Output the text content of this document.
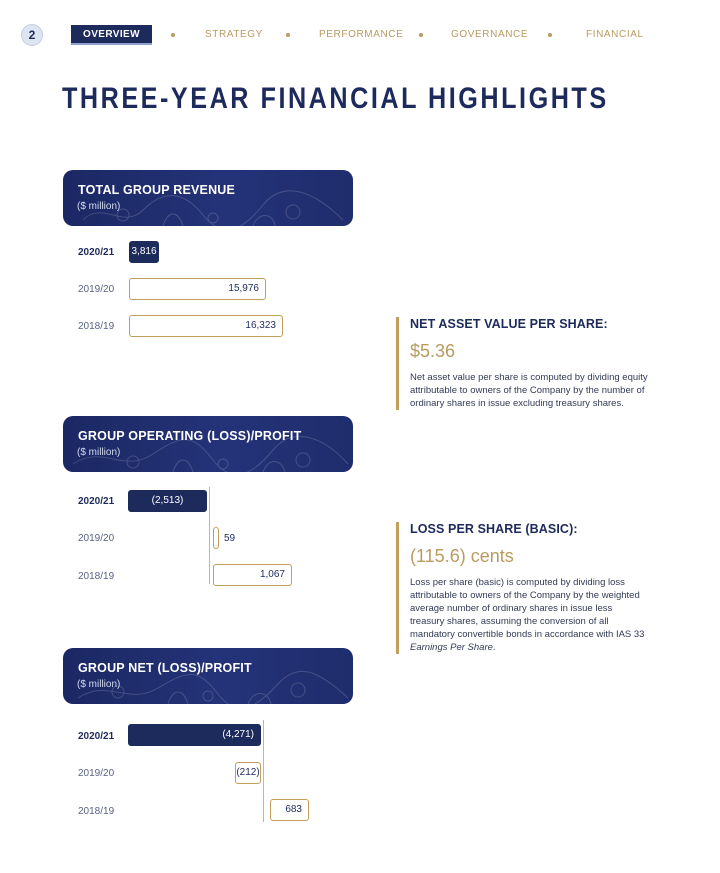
2	OVERVIEW	STRATEGY	PERFORMANCE	GOVERNANCE	FINANCIAL
THREE-YEAR FINANCIAL HIGHLIGHTS
TOTAL GROUP REVENUE
($ million)
2020/21 3,816
2019/20	15,976
2018/19	16,323
GROUP OPERATING (LOSS)/PROFIT
($ million)
2020/21	(2,513)
2019/20	59
2018/19	1,067
GROUP NET (LOSS)/PROFIT
($ million)
2020/21	(4,271)
2019/20	(212)
2018/19	683
NET ASSET VALUE PER SHARE:
$5.36
Net asset value per share is computed by dividing equity attributable to owners of the Company by the number of ordinary shares in issue excluding treasury shares.
LOSS PER SHARE (BASIC):
(115.6) cents
Loss per share (basic) is computed by dividing loss attributable to owners of the Company by the weighted average number of ordinary shares in issue less treasury shares, assuming the conversion of all mandatory convertible bonds in accordance with IAS 33 Earnings Per Share.
